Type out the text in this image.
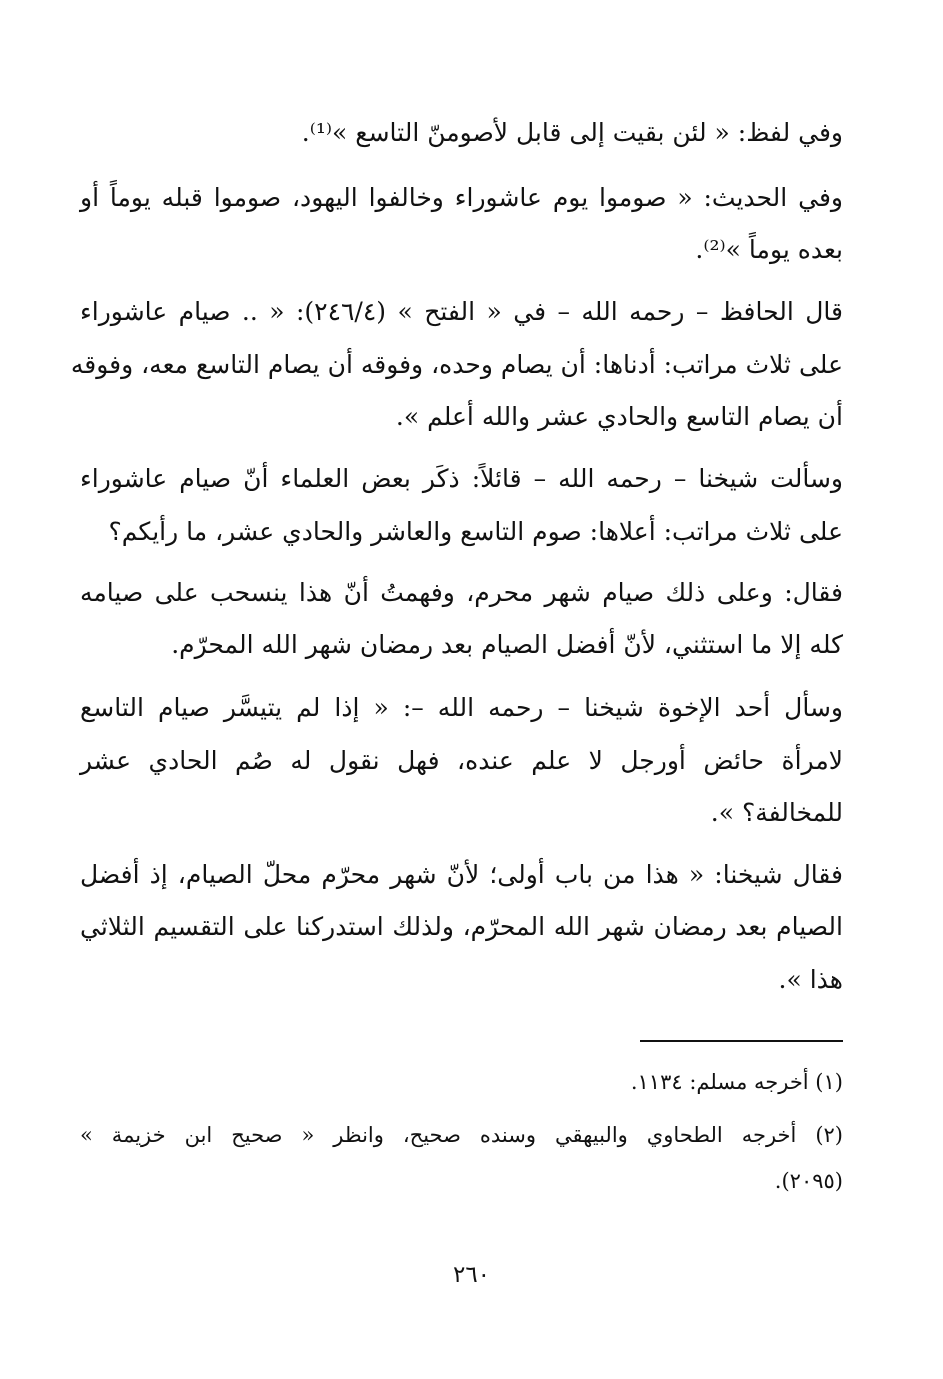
وفي لفظ: « لئن بقيت إلى قابل لأصومنّ التاسع »⁽¹⁾.
وفي الحديث: « صوموا يوم عاشوراء وخالفوا اليهود، صوموا قبله يوماً أو
بعده يوماً »⁽²⁾.
قال الحافظ – رحمه الله – في « الفتح » (٢٤٦/٤): « .. صيام عاشوراء
على ثلاث مراتب: أدناها: أن يصام وحده، وفوقه أن يصام التاسع معه، وفوقه
أن يصام التاسع والحادي عشر والله أعلم ».
وسألت شيخنا – رحمه الله – قائلاً: ذكَر بعض العلماء أنّ صيام عاشوراء
على ثلاث مراتب: أعلاها: صوم التاسع والعاشر والحادي عشر، ما رأيكم؟
فقال: وعلى ذلك صيام شهر محرم، وفهمتُ أنّ هذا ينسحب على صيامه
كله إلا ما استثني، لأنّ أفضل الصيام بعد رمضان شهر الله المحرّم.
وسأل أحد الإخوة شيخنا – رحمه الله –: « إذا لم يتيسَّر صيام التاسع
لامرأة حائض أورجل لا علم عنده، فهل نقول له صُم الحادي عشر
للمخالفة؟ ».
فقال شيخنا: « هذا من باب أولى؛ لأنّ شهر محرّم محلّ الصيام، إذ أفضل
الصيام بعد رمضان شهر الله المحرّم، ولذلك استدركنا على التقسيم الثلاثي
هذا ».
(١) أخرجه مسلم: ١١٣٤.
(٢) أخرجه الطحاوي والبيهقي وسنده صحيح، وانظر « صحيح ابن خزيمة »
(٢٠٩٥).
٢٦٠
